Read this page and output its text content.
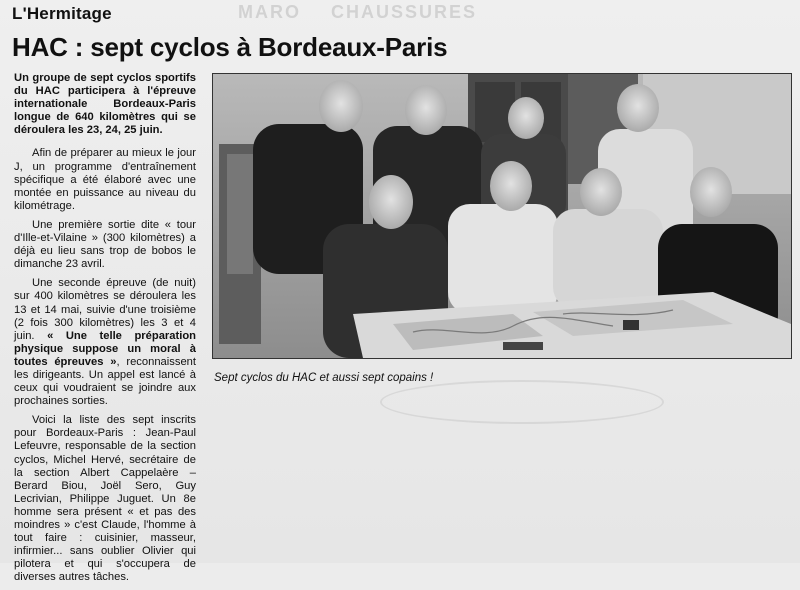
MARO CHAUSSURES
L'Hermitage
HAC : sept cyclos à Bordeaux-Paris

Un groupe de sept cyclos sportifs du HAC participera à l'épreuve internationale Bordeaux-Paris longue de 640 kilomètres qui se déroulera les 23, 24, 25 juin.

Afin de préparer au mieux le jour J, un programme d'entraînement spécifique a été élaboré avec une montée en puissance au niveau du kilométrage.

Une première sortie dite « tour d'Ille-et-Vilaine » (300 kilomètres) a déjà eu lieu sans trop de bobos le dimanche 23 avril.

Une seconde épreuve (de nuit) sur 400 kilomètres se déroulera les 13 et 14 mai, suivie d'une troisième (2 fois 300 kilomètres) les 3 et 4 juin. « Une telle préparation physique suppose un moral à toutes épreuves », reconnaissent les dirigeants. Un appel est lancé à ceux qui voudraient se joindre aux prochaines sorties.

Voici la liste des sept inscrits pour Bordeaux-Paris : Jean-Paul Lefeuvre, responsable de la section cyclos, Michel Hervé, secrétaire de la section Albert Cappelaère – Berard Biou, Joël Sero, Guy Lecrivian, Philippe Juguet. Un 8e homme sera présent « et pas des moindres » c'est Claude, l'homme à tout faire : cuisinier, masseur, infirmier... sans oublier Olivier qui pilotera et qui s'occupera de diverses autres tâches.

Sept cyclos du HAC et aussi sept copains !
